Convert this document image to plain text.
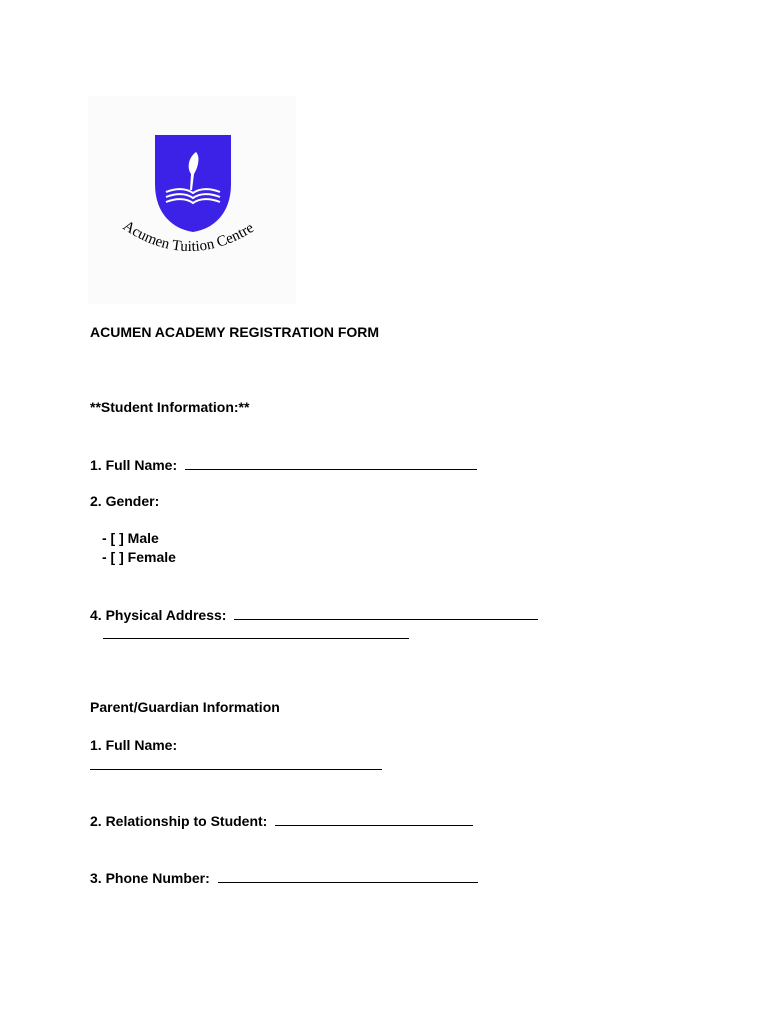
Acumen Tuition Centre
ACUMEN ACADEMY REGISTRATION FORM
**Student Information:**
1. Full Name:
2. Gender:
- [ ] Male
- [ ] Female
4. Physical Address:
Parent/Guardian Information
1. Full Name:
2. Relationship to Student:
3. Phone Number:
